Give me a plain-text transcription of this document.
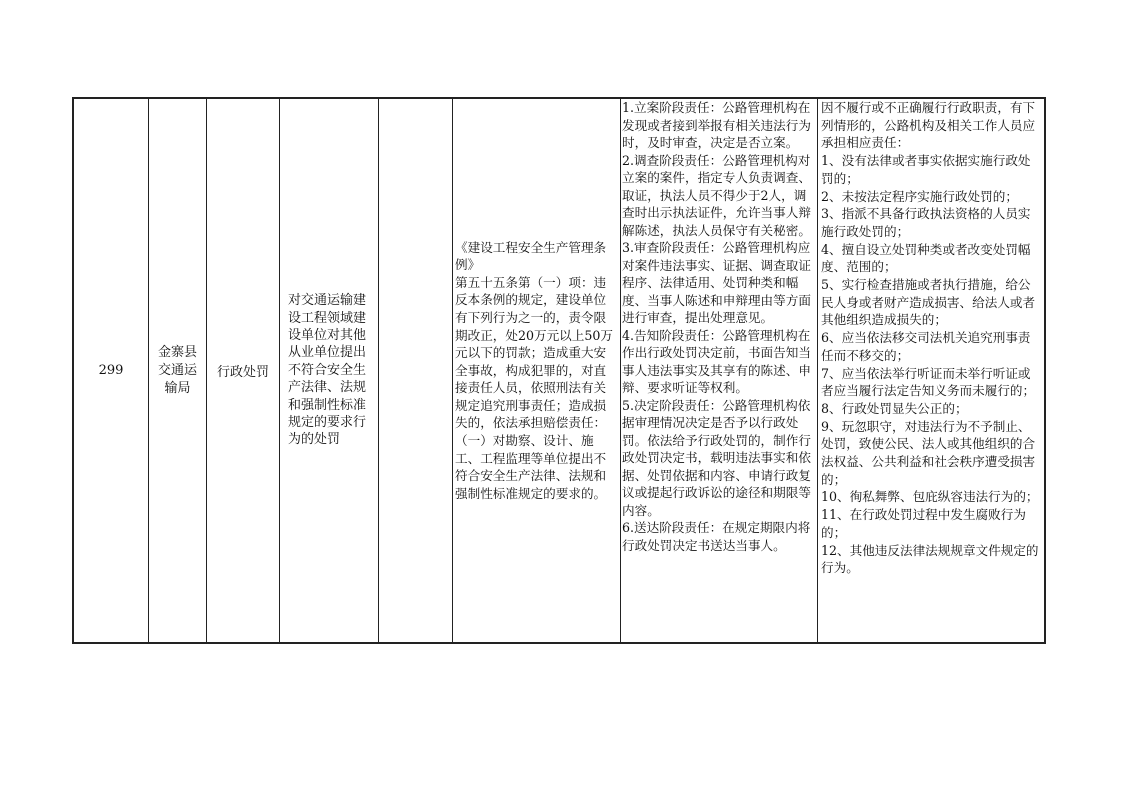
299
金寨县交通运输局
行政处罚
对交通运输建设工程领域建设单位对其他从业单位提出不符合安全生产法律、法规和强制性标准规定的要求行为的处罚
《建设工程安全生产管理条例》
第五十五条第（一）项：违反本条例的规定，建设单位有下列行为之一的，责令限期改正，处20万元以上50万元以下的罚款；造成重大安全事故，构成犯罪的，对直接责任人员，依照刑法有关规定追究刑事责任；造成损失的，依法承担赔偿责任：
（一）对勘察、设计、施工、工程监理等单位提出不符合安全生产法律、法规和强制性标准规定的要求的。
1.立案阶段责任：公路管理机构在发现或者接到举报有相关违法行为时，及时审查，决定是否立案。
2.调查阶段责任：公路管理机构对立案的案件，指定专人负责调查、取证，执法人员不得少于2人，调查时出示执法证件，允许当事人辩解陈述，执法人员保守有关秘密。
3.审查阶段责任：公路管理机构应对案件违法事实、证据、调查取证程序、法律适用、处罚种类和幅度、当事人陈述和申辩理由等方面进行审查，提出处理意见。
4.告知阶段责任：公路管理机构在作出行政处罚决定前，书面告知当事人违法事实及其享有的陈述、申辩、要求听证等权利。
5.决定阶段责任：公路管理机构依据审理情况决定是否予以行政处罚。依法给予行政处罚的，制作行政处罚决定书，载明违法事实和依据、处罚依据和内容、申请行政复议或提起行政诉讼的途径和期限等内容。
6.送达阶段责任：在规定期限内将行政处罚决定书送达当事人。
因不履行或不正确履行行政职责，有下列情形的，公路机构及相关工作人员应承担相应责任：
1、没有法律或者事实依据实施行政处罚的；
2、未按法定程序实施行政处罚的；
3、指派不具备行政执法资格的人员实施行政处罚的；
4、擅自设立处罚种类或者改变处罚幅度、范围的；
5、实行检查措施或者执行措施，给公民人身或者财产造成损害、给法人或者其他组织造成损失的；
6、应当依法移交司法机关追究刑事责任而不移交的；
7、应当依法举行听证而未举行听证或者应当履行法定告知义务而未履行的；
8、行政处罚显失公正的；
9、玩忽职守，对违法行为不予制止、处罚，致使公民、法人或其他组织的合法权益、公共利益和社会秩序遭受损害的；
10、徇私舞弊、包庇纵容违法行为的；
11、在行政处罚过程中发生腐败行为的；
12、其他违反法律法规规章文件规定的行为。
